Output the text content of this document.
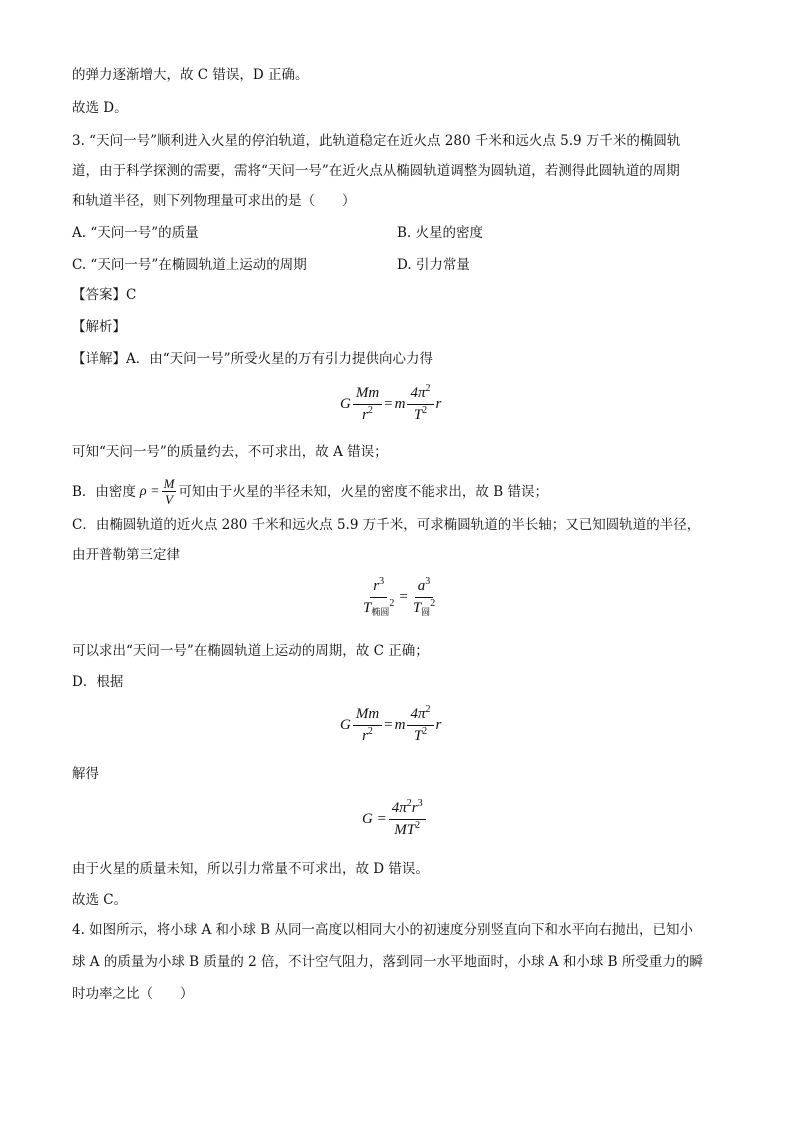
的弹力逐渐增大，故 C 错误，D 正确。
故选 D。
3. “天问一号”顺利进入火星的停泊轨道，此轨道稳定在近火点 280 千米和远火点 5.9 万千米的椭圆轨
道，由于科学探测的需要，需将“天问一号”在近火点从椭圆轨道调整为圆轨道，若测得此圆轨道的周期
和轨道半径，则下列物理量可求出的是（　　）
A. “天问一号”的质量	B. 火星的密度
C. “天问一号”在椭圆轨道上运动的周期	D. 引力常量
【答案】C
【解析】
【详解】A．由“天问一号”所受火星的万有引力提供向心力得
G $\frac{Mm}{r^2} = m \frac{4\pi^2}{T^2}$ r
可知“天问一号”的质量约去，不可求出，故 A 错误；
B．由密度 $\rho = \frac{M}{V}$ 可知由于火星的半径未知，火星的密度不能求出，故 B 错误；
C．由椭圆轨道的近火点 280 千米和远火点 5.9 万千米，可求椭圆轨道的半长轴；又已知圆轨道的半径，
由开普勒第三定律
$\frac{r^3}{T_{椭圆}^2} = \frac{a^3}{T_圆^2}$
可以求出“天问一号”在椭圆轨道上运动的周期，故 C 正确；
D．根据
G $\frac{Mm}{r^2} = m \frac{4\pi^2}{T^2}$ r
解得
$G = \frac{4\pi^2r^3}{MT^2}$
由于火星的质量未知，所以引力常量不可求出，故 D 错误。
故选 C。
4. 如图所示，将小球 A 和小球 B 从同一高度以相同大小的初速度分别竖直向下和水平向右抛出，已知小
球 A 的质量为小球 B 质量的 2 倍，不计空气阻力，落到同一水平地面时，小球 A 和小球 B 所受重力的瞬
时功率之比（　　）
